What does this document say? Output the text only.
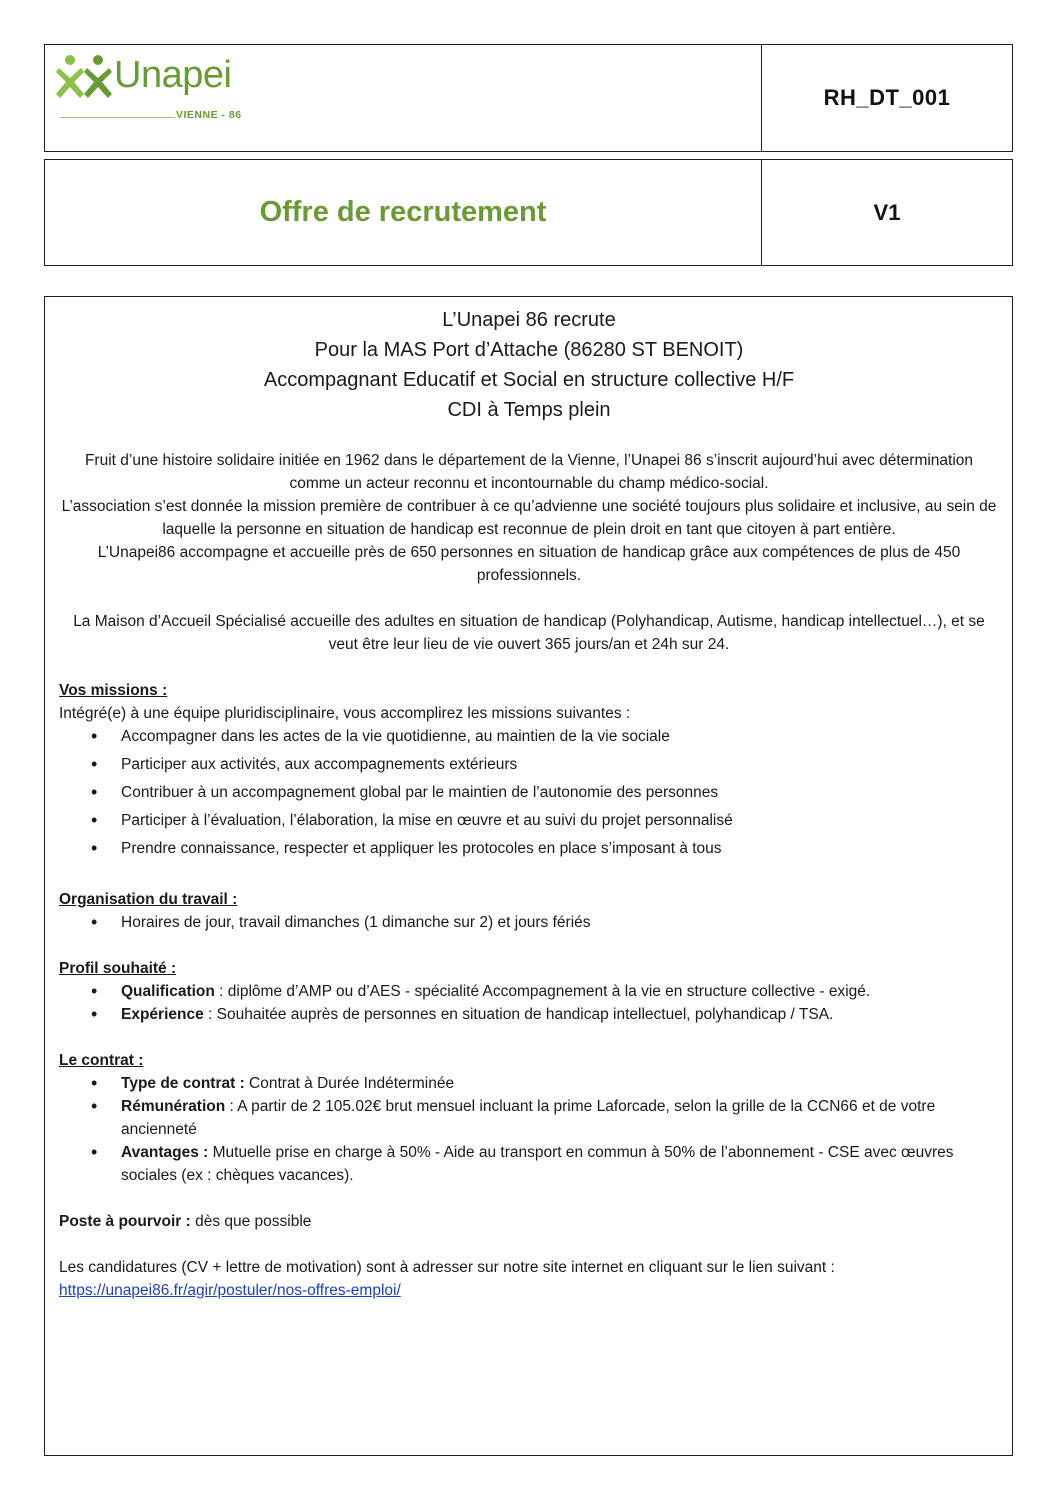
Unapei
VIENNE - 86
RH_DT_001
Offre de recrutement	V1
L’Unapei 86 recrute
Pour la MAS Port d’Attache (86280 ST BENOIT)
Accompagnant Educatif et Social en structure collective H/F
CDI à Temps plein

Fruit d’une histoire solidaire initiée en 1962 dans le département de la Vienne, l’Unapei 86 s’inscrit aujourd’hui avec détermination comme un acteur reconnu et incontournable du champ médico-social.

L’association s’est donnée la mission première de contribuer à ce qu’advienne une société toujours plus solidaire et inclusive, au sein de laquelle la personne en situation de handicap est reconnue de plein droit en tant que citoyen à part entière.

L’Unapei86 accompagne et accueille près de 650 personnes en situation de handicap grâce aux compétences de plus de 450 professionnels.

La Maison d’Accueil Spécialisé accueille des adultes en situation de handicap (Polyhandicap, Autisme, handicap intellectuel…), et se veut être leur lieu de vie ouvert 365 jours/an et 24h sur 24.

Vos missions :
Intégré(e) à une équipe pluridisciplinaire, vous accomplirez les missions suivantes :
• Accompagner dans les actes de la vie quotidienne, au maintien de la vie sociale
• Participer aux activités, aux accompagnements extérieurs
• Contribuer à un accompagnement global par le maintien de l’autonomie des personnes
• Participer à l’évaluation, l’élaboration, la mise en œuvre et au suivi du projet personnalisé
• Prendre connaissance, respecter et appliquer les protocoles en place s’imposant à tous
Organisation du travail :
• Horaires de jour, travail dimanches (1 dimanche sur 2) et jours fériés
Profil souhaité :
• Qualification : diplôme d’AMP ou d’AES - spécialité Accompagnement à la vie en structure collective - exigé.
• Expérience : Souhaitée auprès de personnes en situation de handicap intellectuel, polyhandicap / TSA.
Le contrat :
• Type de contrat : Contrat à Durée Indéterminée
• Rémunération : A partir de 2 105.02€ brut mensuel incluant la prime Laforcade, selon la grille de la CCN66 et de votre ancienneté
• Avantages : Mutuelle prise en charge à 50% - Aide au transport en commun à 50% de l’abonnement - CSE avec œuvres sociales (ex : chèques vacances).
Poste à pourvoir : dès que possible
Les candidatures (CV + lettre de motivation) sont à adresser sur notre site internet en cliquant sur le lien suivant :
https://unapei86.fr/agir/postuler/nos-offres-emploi/
